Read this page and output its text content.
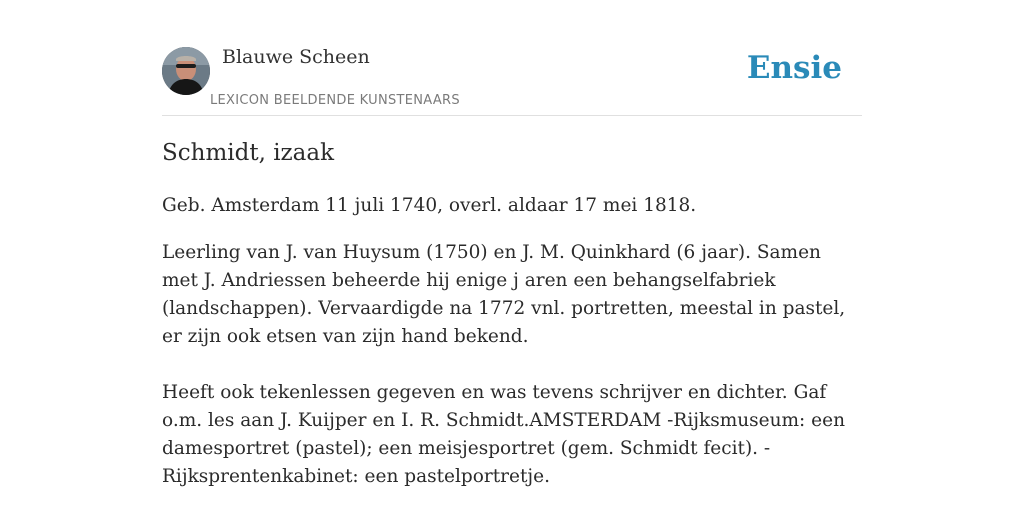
Blauwe Scheen
LEXICON BEELDENDE KUNSTENAARS
Ensie
Schmidt, izaak

Geb. Amsterdam 11 juli 1740, overl. aldaar 17 mei 1818.

Leerling van J. van Huysum (1750) en J. M. Quinkhard (6 jaar). Samen met J. Andriessen beheerde hij enige j aren een behangselfabriek (landschappen). Vervaardigde na 1772 vnl. portretten, meestal in pastel, er zijn ook etsen van zijn hand bekend.

Heeft ook tekenlessen gegeven en was tevens schrijver en dichter. Gaf o.m. les aan J. Kuijper en I. R. Schmidt.AMSTERDAM -Rijksmuseum: een damesportret (pastel); een meisjesportret (gem. Schmidt fecit). -Rijksprentenkabinet: een pastelportretje.
